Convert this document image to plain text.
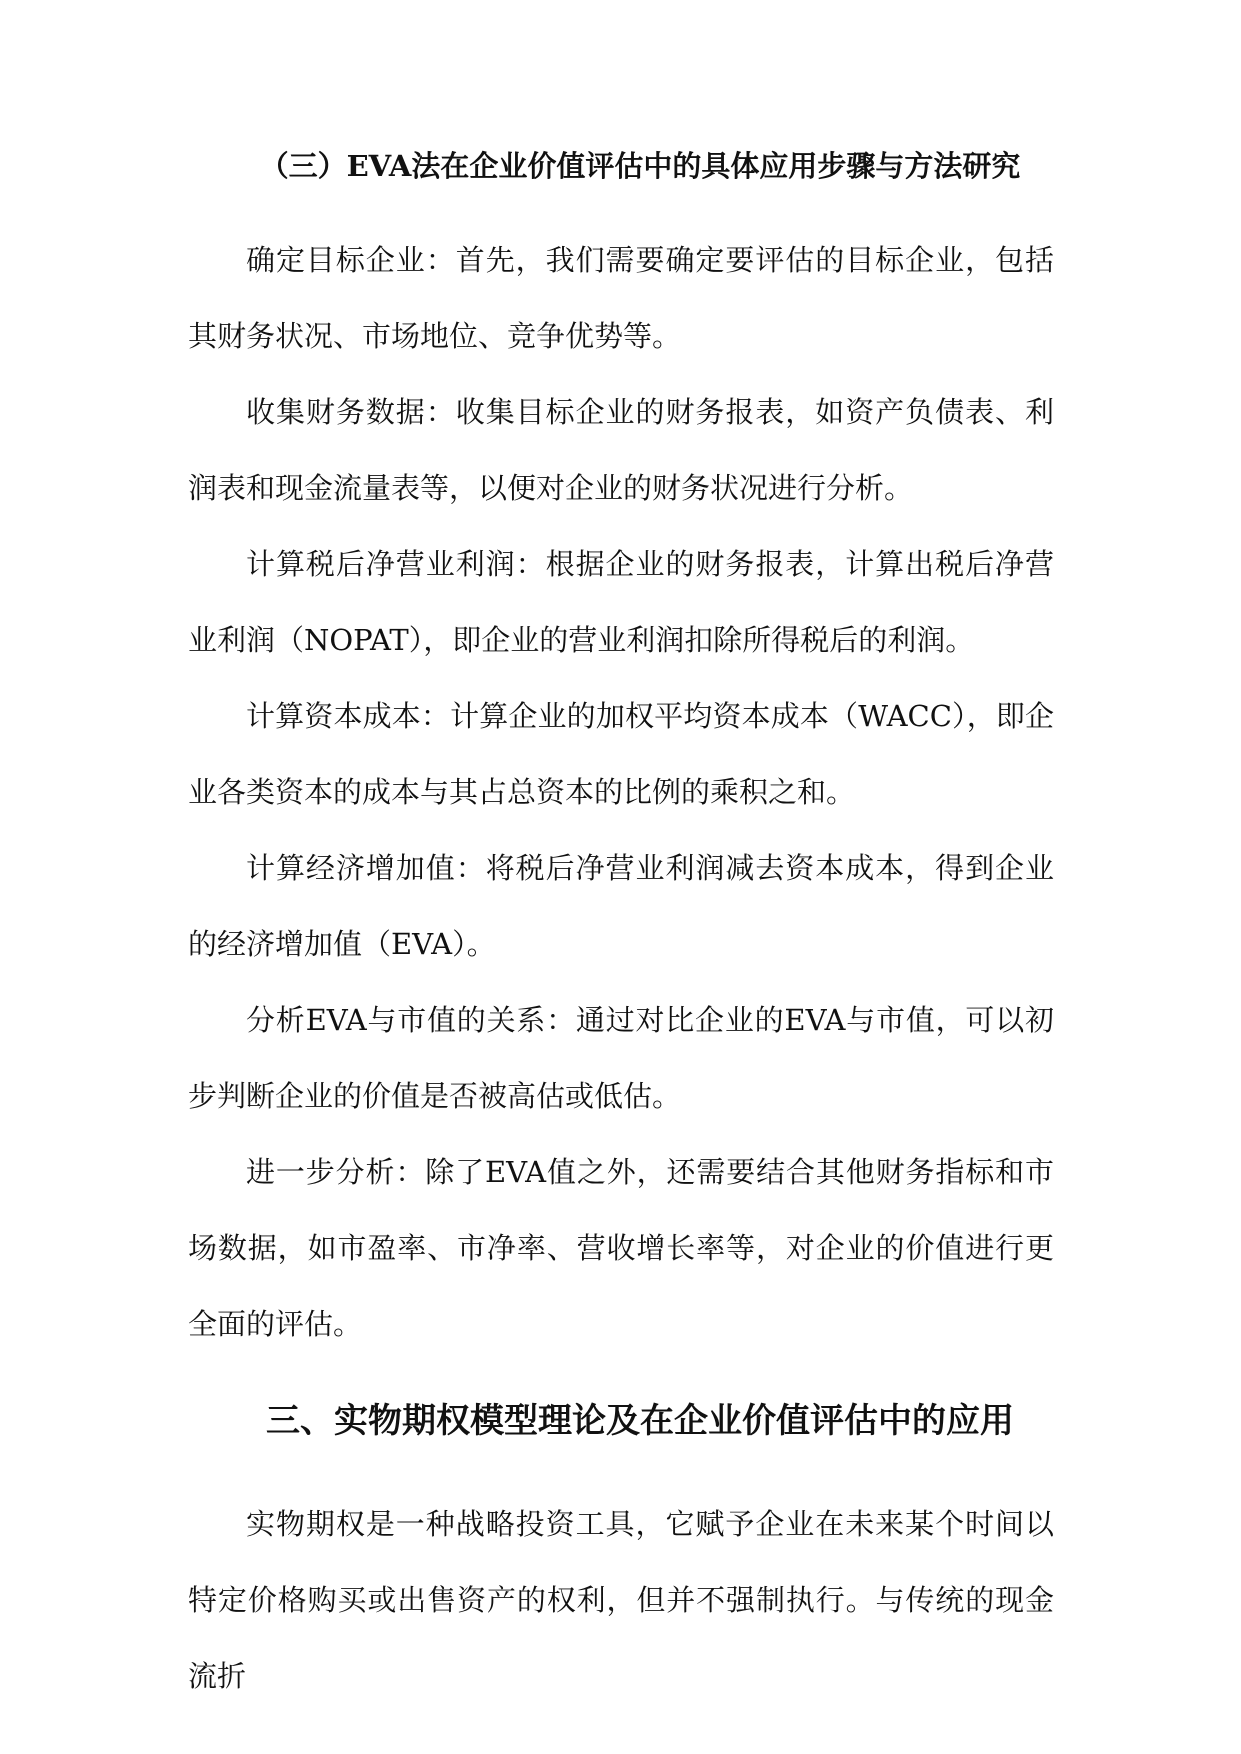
（三）EVA法在企业价值评估中的具体应用步骤与方法研究

确定目标企业：首先，我们需要确定要评估的目标企业，包括其财务状况、市场地位、竞争优势等。

收集财务数据：收集目标企业的财务报表，如资产负债表、利润表和现金流量表等，以便对企业的财务状况进行分析。

计算税后净营业利润：根据企业的财务报表，计算出税后净营业利润（NOPAT），即企业的营业利润扣除所得税后的利润。

计算资本成本：计算企业的加权平均资本成本（WACC），即企业各类资本的成本与其占总资本的比例的乘积之和。

计算经济增加值：将税后净营业利润减去资本成本，得到企业的经济增加值（EVA）。

分析EVA与市值的关系：通过对比企业的EVA与市值，可以初步判断企业的价值是否被高估或低估。

进一步分析：除了EVA值之外，还需要结合其他财务指标和市场数据，如市盈率、市净率、营收增长率等，对企业的价值进行更全面的评估。

三、实物期权模型理论及在企业价值评估中的应用

实物期权是一种战略投资工具，它赋予企业在未来某个时间以特定价格购买或出售资产的权利，但并不强制执行。与传统的现金流折
